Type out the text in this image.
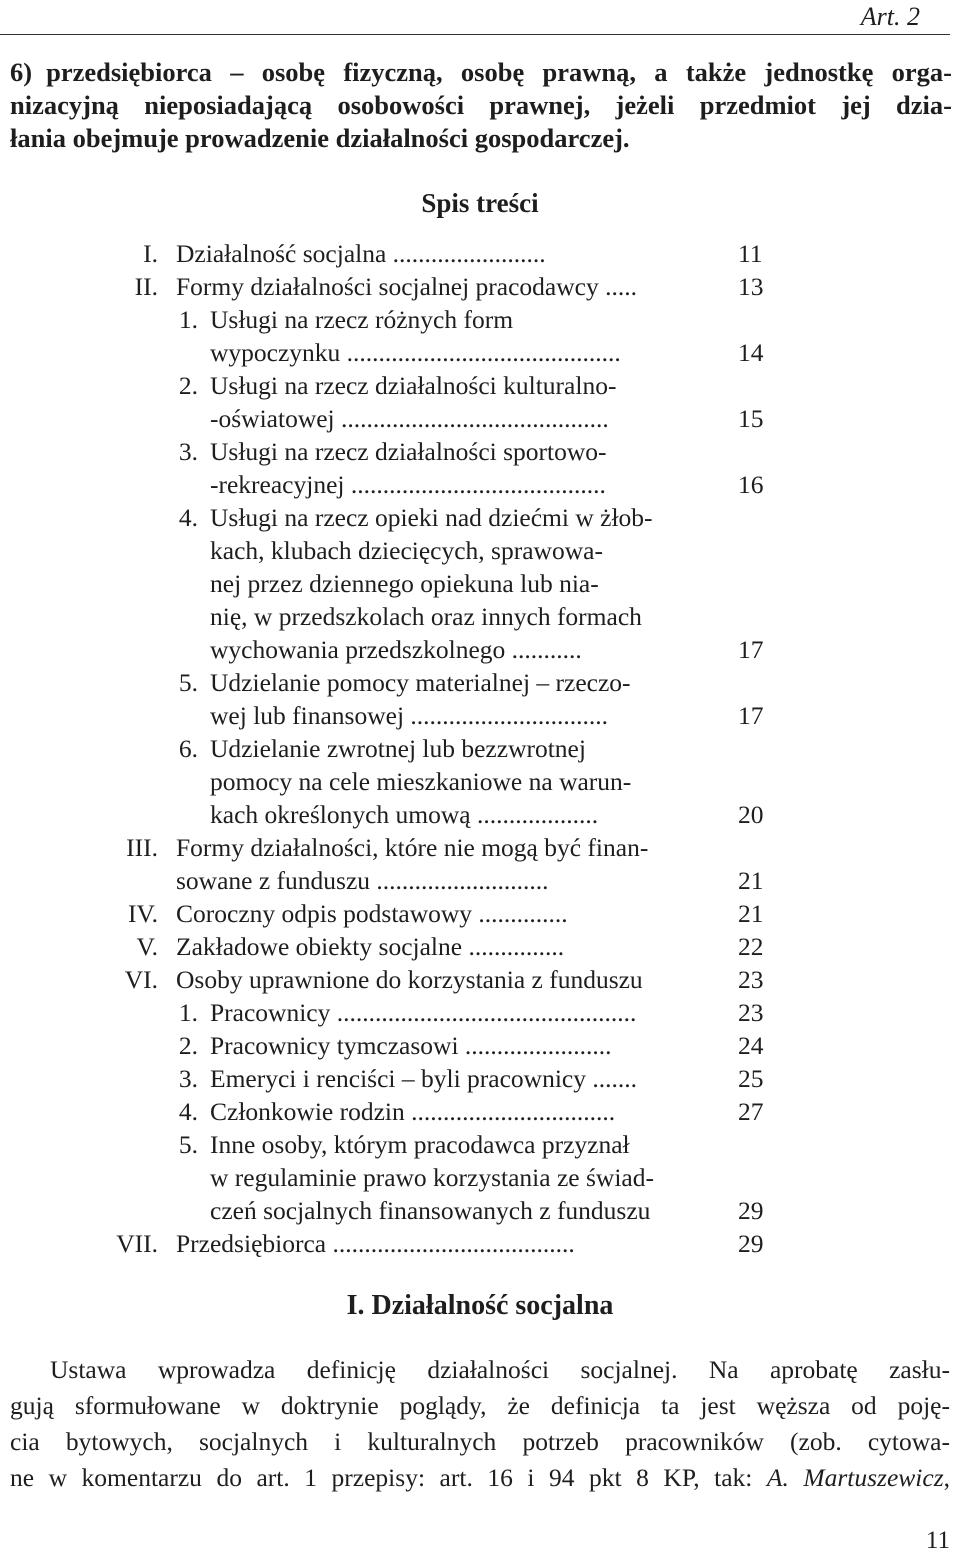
Art. 2
6) przedsiębiorca – osobę fizyczną, osobę prawną, a także jednostkę orga-
nizacyjną nieposiadającą osobowości prawnej, jeżeli przedmiot jej dzia-
łania obejmuje prowadzenie działalności gospodarczej.
Spis treści
I. Działalność socjalna ........................	11
II. Formy działalności socjalnej pracodawcy .....	13
1. Usługi na rzecz różnych form
wypoczynku ...........................................	14
2. Usługi na rzecz działalności kulturalno-
-oświatowej ..........................................	15
3. Usługi na rzecz działalności sportowo-
-rekreacyjnej ........................................	16
4. Usługi na rzecz opieki nad dziećmi w żłob-
kach, klubach dziecięcych, sprawowa-
nej przez dziennego opiekuna lub nia-
nię, w przedszkolach oraz innych formach
wychowania przedszkolnego ...........	17
5. Udzielanie pomocy materialnej – rzeczo-
wej lub finansowej ...............................	17
6. Udzielanie zwrotnej lub bezzwrotnej
pomocy na cele mieszkaniowe na warun-
kach określonych umową ...................	20
III. Formy działalności, które nie mogą być finan-
sowane z funduszu ...........................	21
IV. Coroczny odpis podstawowy ..............	21
V. Zakładowe obiekty socjalne ...............	22
VI. Osoby uprawnione do korzystania z funduszu	23
1. Pracownicy ...............................................	23
2. Pracownicy tymczasowi .......................	24
3. Emeryci i renciści – byli pracownicy .......	25
4. Członkowie rodzin ................................	27
5. Inne osoby, którym pracodawca przyznał
w regulaminie prawo korzystania ze świad-
czeń socjalnych finansowanych z funduszu	29
VII. Przedsiębiorca ......................................	29
I. Działalność socjalna
Ustawa wprowadza definicję działalności socjalnej. Na aprobatę zasłu-
gują sformułowane w doktrynie poglądy, że definicja ta jest węższa od poję-
cia bytowych, socjalnych i kulturalnych potrzeb pracowników (zob. cytowa-
ne w komentarzu do art. 1 przepisy: art. 16 i 94 pkt 8 KP, tak: A. Martuszewicz,
11
